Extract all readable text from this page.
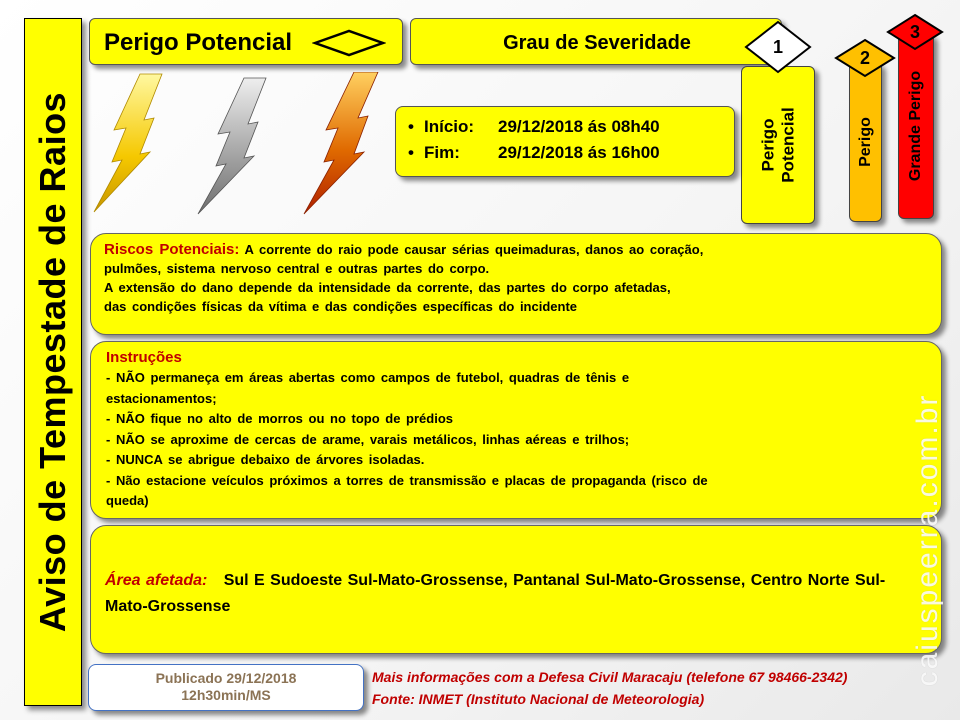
Aviso de Tempestade de Raios
Perigo Potencial	Grau de Severidade
Perigo Potencial	Perigo Grande Perigo
1
2
3
• Início:	29/12/2018 ás 08h40
• Fim:	29/12/2018 ás 16h00
Riscos Potenciais: A corrente do raio pode causar sérias queimaduras, danos ao coração,
pulmões, sistema nervoso central e outras partes do corpo.
A extensão do dano depende da intensidade da corrente, das partes do corpo afetadas,
das condições físicas da vítima e das condições específicas do incidente
Instruções
- NÃO permaneça em áreas abertas como campos de futebol, quadras de tênis e
estacionamentos;
- NÃO fique no alto de morros ou no topo de prédios
- NÃO se aproxime de cercas de arame, varais metálicos, linhas aéreas e trilhos;
- NUNCA se abrigue debaixo de árvores isoladas.
- Não estacione veículos próximos a torres de transmissão e placas de propaganda (risco de
queda)

Área afetada: Sul E Sudoeste Sul-Mato-Grossense, Pantanal Sul-Mato-Grossense, Centro Norte Sul-Mato-Grossense

Publicado 29/12/2018
12h30min/MS
Mais informações com a Defesa Civil Maracaju (telefone 67 98466-2342)
Fonte: INMET (Instituto Nacional de Meteorologia)
caiuspeerra.com.br
